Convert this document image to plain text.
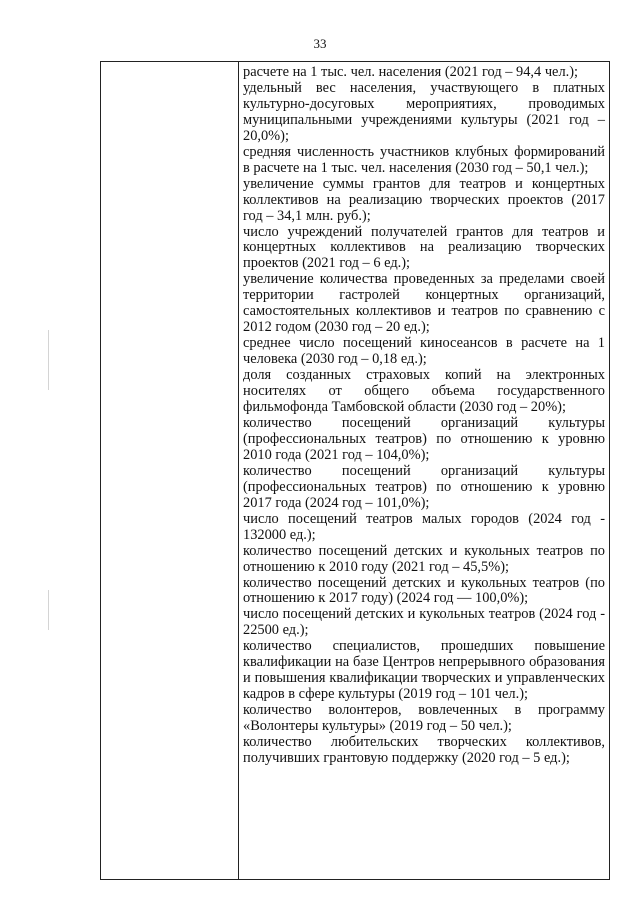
33
расчете на 1 тыс. чел. населения (2021 год – 94,4 чел.);
удельный вес населения, участвующего в платных культурно-досуговых мероприятиях, проводимых муниципальными учреждениями культуры (2021 год – 20,0%);
средняя численность участников клубных формирований в расчете на 1 тыс. чел. населения (2030 год – 50,1 чел.);
увеличение суммы грантов для театров и концертных коллективов на реализацию творческих проектов (2017 год – 34,1 млн. руб.);
число учреждений получателей грантов для театров и концертных коллективов на реализацию творческих проектов (2021 год – 6 ед.);
увеличение количества проведенных за пределами своей территории гастролей концертных организаций, самостоятельных коллективов и театров по сравнению с 2012 годом (2030 год – 20 ед.);
среднее число посещений киносеансов в расчете на 1 человека (2030 год – 0,18 ед.);
доля созданных страховых копий на электронных носителях от общего объема государственного фильмофонда Тамбовской области (2030 год – 20%);
количество посещений организаций культуры (профессиональных театров) по отношению к уровню 2010 года (2021 год – 104,0%);
количество посещений организаций культуры (профессиональных театров) по отношению к уровню 2017 года (2024 год – 101,0%);
число посещений театров малых городов (2024 год - 132000 ед.);
количество посещений детских и кукольных театров по отношению к 2010 году (2021 год – 45,5%);
количество посещений детских и кукольных театров (по отношению к 2017 году) (2024 год — 100,0%);
число посещений детских и кукольных театров (2024 год - 22500 ед.);
количество специалистов, прошедших повышение квалификации на базе Центров непрерывного образования и повышения квалификации творческих и управленческих кадров в сфере культуры (2019 год – 101 чел.);
количество волонтеров, вовлеченных в программу «Волонтеры культуры» (2019 год – 50 чел.);
количество любительских творческих коллективов, получивших грантовую поддержку (2020 год – 5 ед.);
